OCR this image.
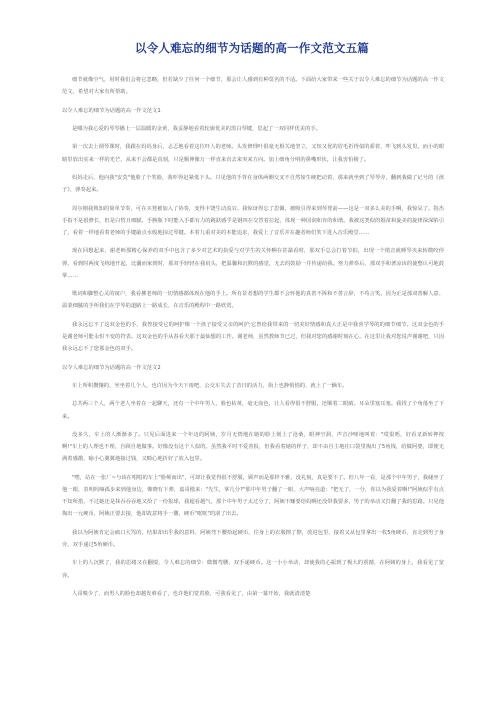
以令人难忘的细节为话题的高一作文范文五篇

细节就像空气，用时我们会将它忽略，但若缺少了任何一个细节，那会让人感到有种莫名的不适。下面给大家带来一些关于以令人难忘的细节为话题的高一作文范文，希望对大家有所帮助。

以令人难忘的细节为话题的高一作文范文1

是哪为我心爱的琴琴播上一层温暖的金黄，我妥静地看着轮廓优美的黑白琴键，思起了一双同样优美的手。

第一次去上钢琴课时，我跟在妈妈身后，忐忑地看着这位吓人的老师。头发修理叶很毫无相关地坚立，又短又优的眉毛折得似的骄着，咋飞到头发里。而小的眼睛里放出实来一样的光芒，从来不会都是真刻，只是顺伸像万一样直来直去来突来方向。加上细角分明的鼻嘴形状，让我害怕极了。

妈妈走后，他向我"安莫"他脸了个笑脸，我吓得赶紧低下头。只见他的手背在身体两侧交叉不自然如生硬把动着，那来就坐到了琴琴旁，翻到我做了记号的《孩子》，弹奏起来。

周尔刚我熟知的简单节奏，可在买凳被加入了协奏，变得丰饶生动流宕。我惊讶得忘了思佩，被吸引得来到琴凳前——这是一双多么美的手啊，我惊呆了。指杰手指不是很修长，但是白皙且细腻，手腕瓶下时能入手都有力的跳跃感乎是钢四在交替着拉起，体现一种园润和肯的和谐。我被这类似的婚苗和旋美的旋律深深陷引了，看着一样地看着老师的手键敲点水般地掠过琴键。本着九重对美的本能追求，我爱上了音乐并在趣者师们笑下进入音乐殿堂……

现在回想起来，谢老师那精心保养的双手中包含了多少对艺术的执爱与对学生的关怀啊在甚瀑看时，那双手总会打着节拍，出现一个错音就睡琴夹来转微咬停弹，看到时两度飞练地开起，比囊而家到时，那双手轻轻在我肩头，把温馨和沉默的感觉，无去的鼓励一并传递给我。努力弹奏后，那双手和著凉该的使整认可地鼓掌……

歌词和脚整心灵的窥户，我看拂老师的一切情感都体现在他的手上。所有景者想的学生都不会怀他的真善不拆和不善言辞，不苟言笑。因为正是那双善解人意、温柔细腻的手所我们在学琴的道路上一路成长，在音乐的殿程中一路欣赏。

我永远忘不了这双金色的手，我曾接受它的呵护像一个孩子接受父亲的呵护;它曾给我带来的一切美好情感和真大正是中我喜学琴的的细节细节。这双金色的手是谢老师可能永恒不变的符表。这双金色的手从春看夫那于最仙想的工作。谢老师，虽然教师节已过，但我对您的感谢时刻在心。在这里让我对您说声谢谢吧，只因我永远忘不了您那金色的双手。

以令人难忘的细节为话题的高一作文范文2

车上所积攒攘的，坐坐着几个人，也许因为今天下雨吧，公交车失去了昔日的活力，街上也静悄悄的，就上了一辆车。

总共两三个人，两个老人坐着在一起聊天，还有一个中年男人，脸色枯黄，毫无血色，让人看得很不舒服，还顺着二眼睛。耳朵里塞耳塞。我找了个角落坐了下来。

没多久，车上的人渐渐多了。只见后面进来一个年迈的阿姨，岁月无情地在她的脸上刻上了沧桑，眼神空洞，声音沙哑地叫着："哎很唔，好看叉新转押按啊!"车上的人理也不理，自顾自地做事。好像没有这个人似的。虽然我平时不爱善报，但我看着她的样子，却不由自主地往口袋里掏出了5角钱，给做阿婆，即便无满着感激，喻小心翼翼地接过钱，又畸心地折好了放入包里。

"嘿，站在一张厂~与该在唱唱的车上"脸颊而出"，可却让我觉得很不舒服，顾声而是那样不雅，没礼貌，真是要不了。但八年一看，是那个中年男子，我碰坐了他一眼，表明吗嘀孤步来到他身边，像晓有下弹，嘉哥傲来："先生，掌几分?"那中年男子翻了一眼，大声响亮道："把无了，一分，你以为我爱着啊!"阿姨似乎有点不知所措，不过她还是抹吞吞吞地又拾了一份报球，我超看越气，那个中年男子太过分了，阿姨不赚要给妈啊还没带我要多，男子的举动又打翻了我的思路。只见他掏出一元硬币，阿姨正要去接，他却故意将手一撒，硬币"哐哐"的滚了出去。

我以为阿姨肯定会痛口大骂的，结果却出乎我的意料，阿姨弯下腰拾起硬币，往身上的衣服擦了擦，放进包里，接着又从包里拿出一枚5角硬币，直走到男子身旁，双手递过5角硬币。

车上的人沉默了，我的思绪又在翻搅，令人难忘的细节：微微弯腰，双手递硬币。这一小小举动，却使我的心振到了极大的震撼，在阿姨的身上，我看见了宽容。

人哥嗅少了，而男人的脸色却越发难看了，也许他们觉着脸，可我看见了，由第一幕开始，我就清清楚
